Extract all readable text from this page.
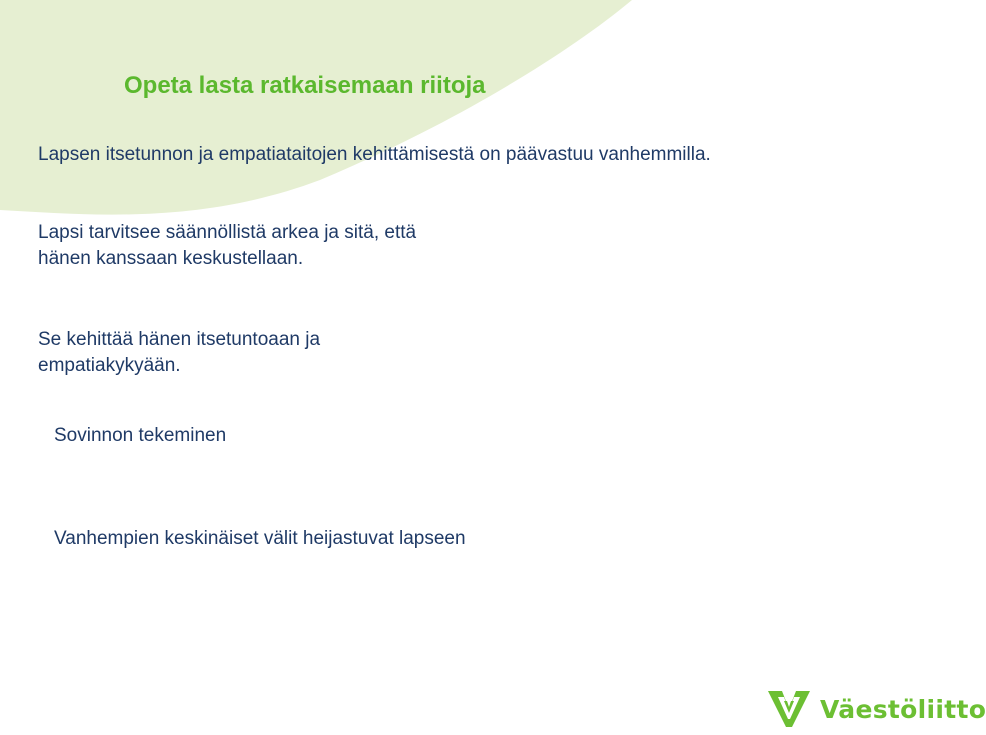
Opeta lasta ratkaisemaan riitoja

Lapsen itsetunnon ja empatiataitojen kehittämisestä on päävastuu vanhemmilla.

Lapsi tarvitsee säännöllistä arkea ja sitä, että hänen kanssaan keskustellaan.

Se kehittää hänen itsetuntoaan ja empatiakykyään.

Sovinnon tekeminen

Vanhempien keskinäiset välit heijastuvat lapseen

Väestöliitto
